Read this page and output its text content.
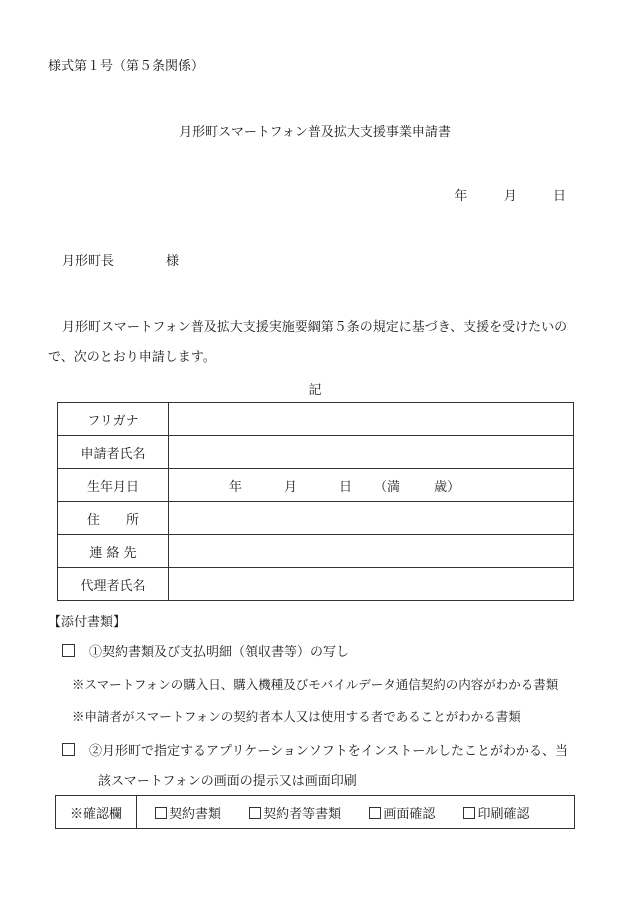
様式第１号（第５条関係）
月形町スマートフォン普及拡大支援事業申請書
年	月	日
月形町長	様
月形町スマートフォン普及拡大支援実施要綱第５条の規定に基づき、支援を受けたいので、次のとおり申請します。
記
フリガナ	
申請者氏名	
生年月日	年 月 日 （満 歳）

住　　所	
連 絡 先	
代理者氏名	
【添付書類】
①契約書類及び支払明細（領収書等）の写し
※スマートフォンの購入日、購入機種及びモバイルデータ通信契約の内容がわかる書類
※申請者がスマートフォンの契約者本人又は使用する者であることがわかる書類
②月形町で指定するアプリケーションソフトをインストールしたことがわかる、当
該スマートフォンの画面の提示又は画面印刷
※確認欄	契約書類	契約者等書類	画面確認	印刷確認
